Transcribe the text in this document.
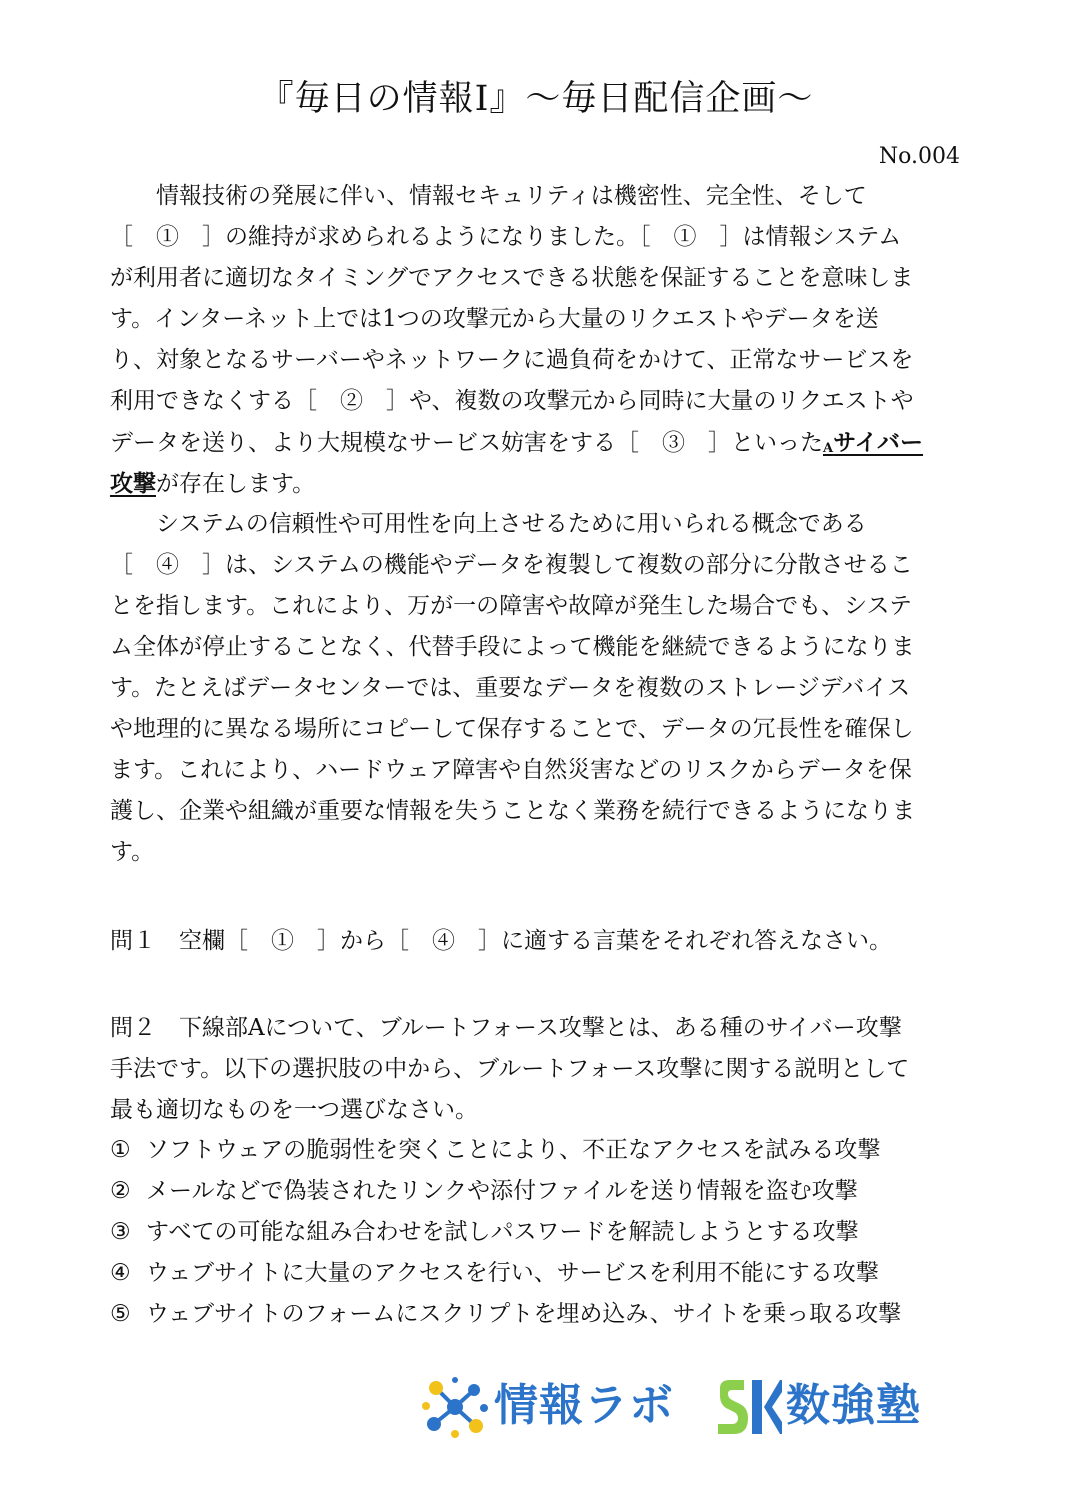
『毎日の情報Ⅰ』〜毎日配信企画〜
No.004
情報技術の発展に伴い、情報セキュリティは機密性、完全性、そして
［　①　］の維持が求められるようになりました。［　①　］は情報システム
が利用者に適切なタイミングでアクセスできる状態を保証することを意味しま
す。インターネット上では1つの攻撃元から大量のリクエストやデータを送
り、対象となるサーバーやネットワークに過負荷をかけて、正常なサービスを
利用できなくする［　②　］や、複数の攻撃元から同時に大量のリクエストや
データを送り、より大規模なサービス妨害をする［　③　］といったAサイバー
攻撃が存在します。
システムの信頼性や可用性を向上させるために用いられる概念である
［　④　］は、システムの機能やデータを複製して複数の部分に分散させるこ
とを指します。これにより、万が一の障害や故障が発生した場合でも、システ
ム全体が停止することなく、代替手段によって機能を継続できるようになりま
す。たとえばデータセンターでは、重要なデータを複数のストレージデバイス
や地理的に異なる場所にコピーして保存することで、データの冗長性を確保し
ます。これにより、ハードウェア障害や自然災害などのリスクからデータを保
護し、企業や組織が重要な情報を失うことなく業務を続行できるようになりま
す。
問１　空欄［　①　］から［　④　］に適する言葉をそれぞれ答えなさい。
問２　下線部Aについて、ブルートフォース攻撃とは、ある種のサイバー攻撃
手法です。以下の選択肢の中から、ブルートフォース攻撃に関する説明として
最も適切なものを一つ選びなさい。
① ソフトウェアの脆弱性を突くことにより、不正なアクセスを試みる攻撃
② メールなどで偽装されたリンクや添付ファイルを送り情報を盗む攻撃
③ すべての可能な組み合わせを試しパスワードを解読しようとする攻撃
④ ウェブサイトに大量のアクセスを行い、サービスを利用不能にする攻撃
⑤ ウェブサイトのフォームにスクリプトを埋め込み、サイトを乗っ取る攻撃
情報ラボ	数強塾
